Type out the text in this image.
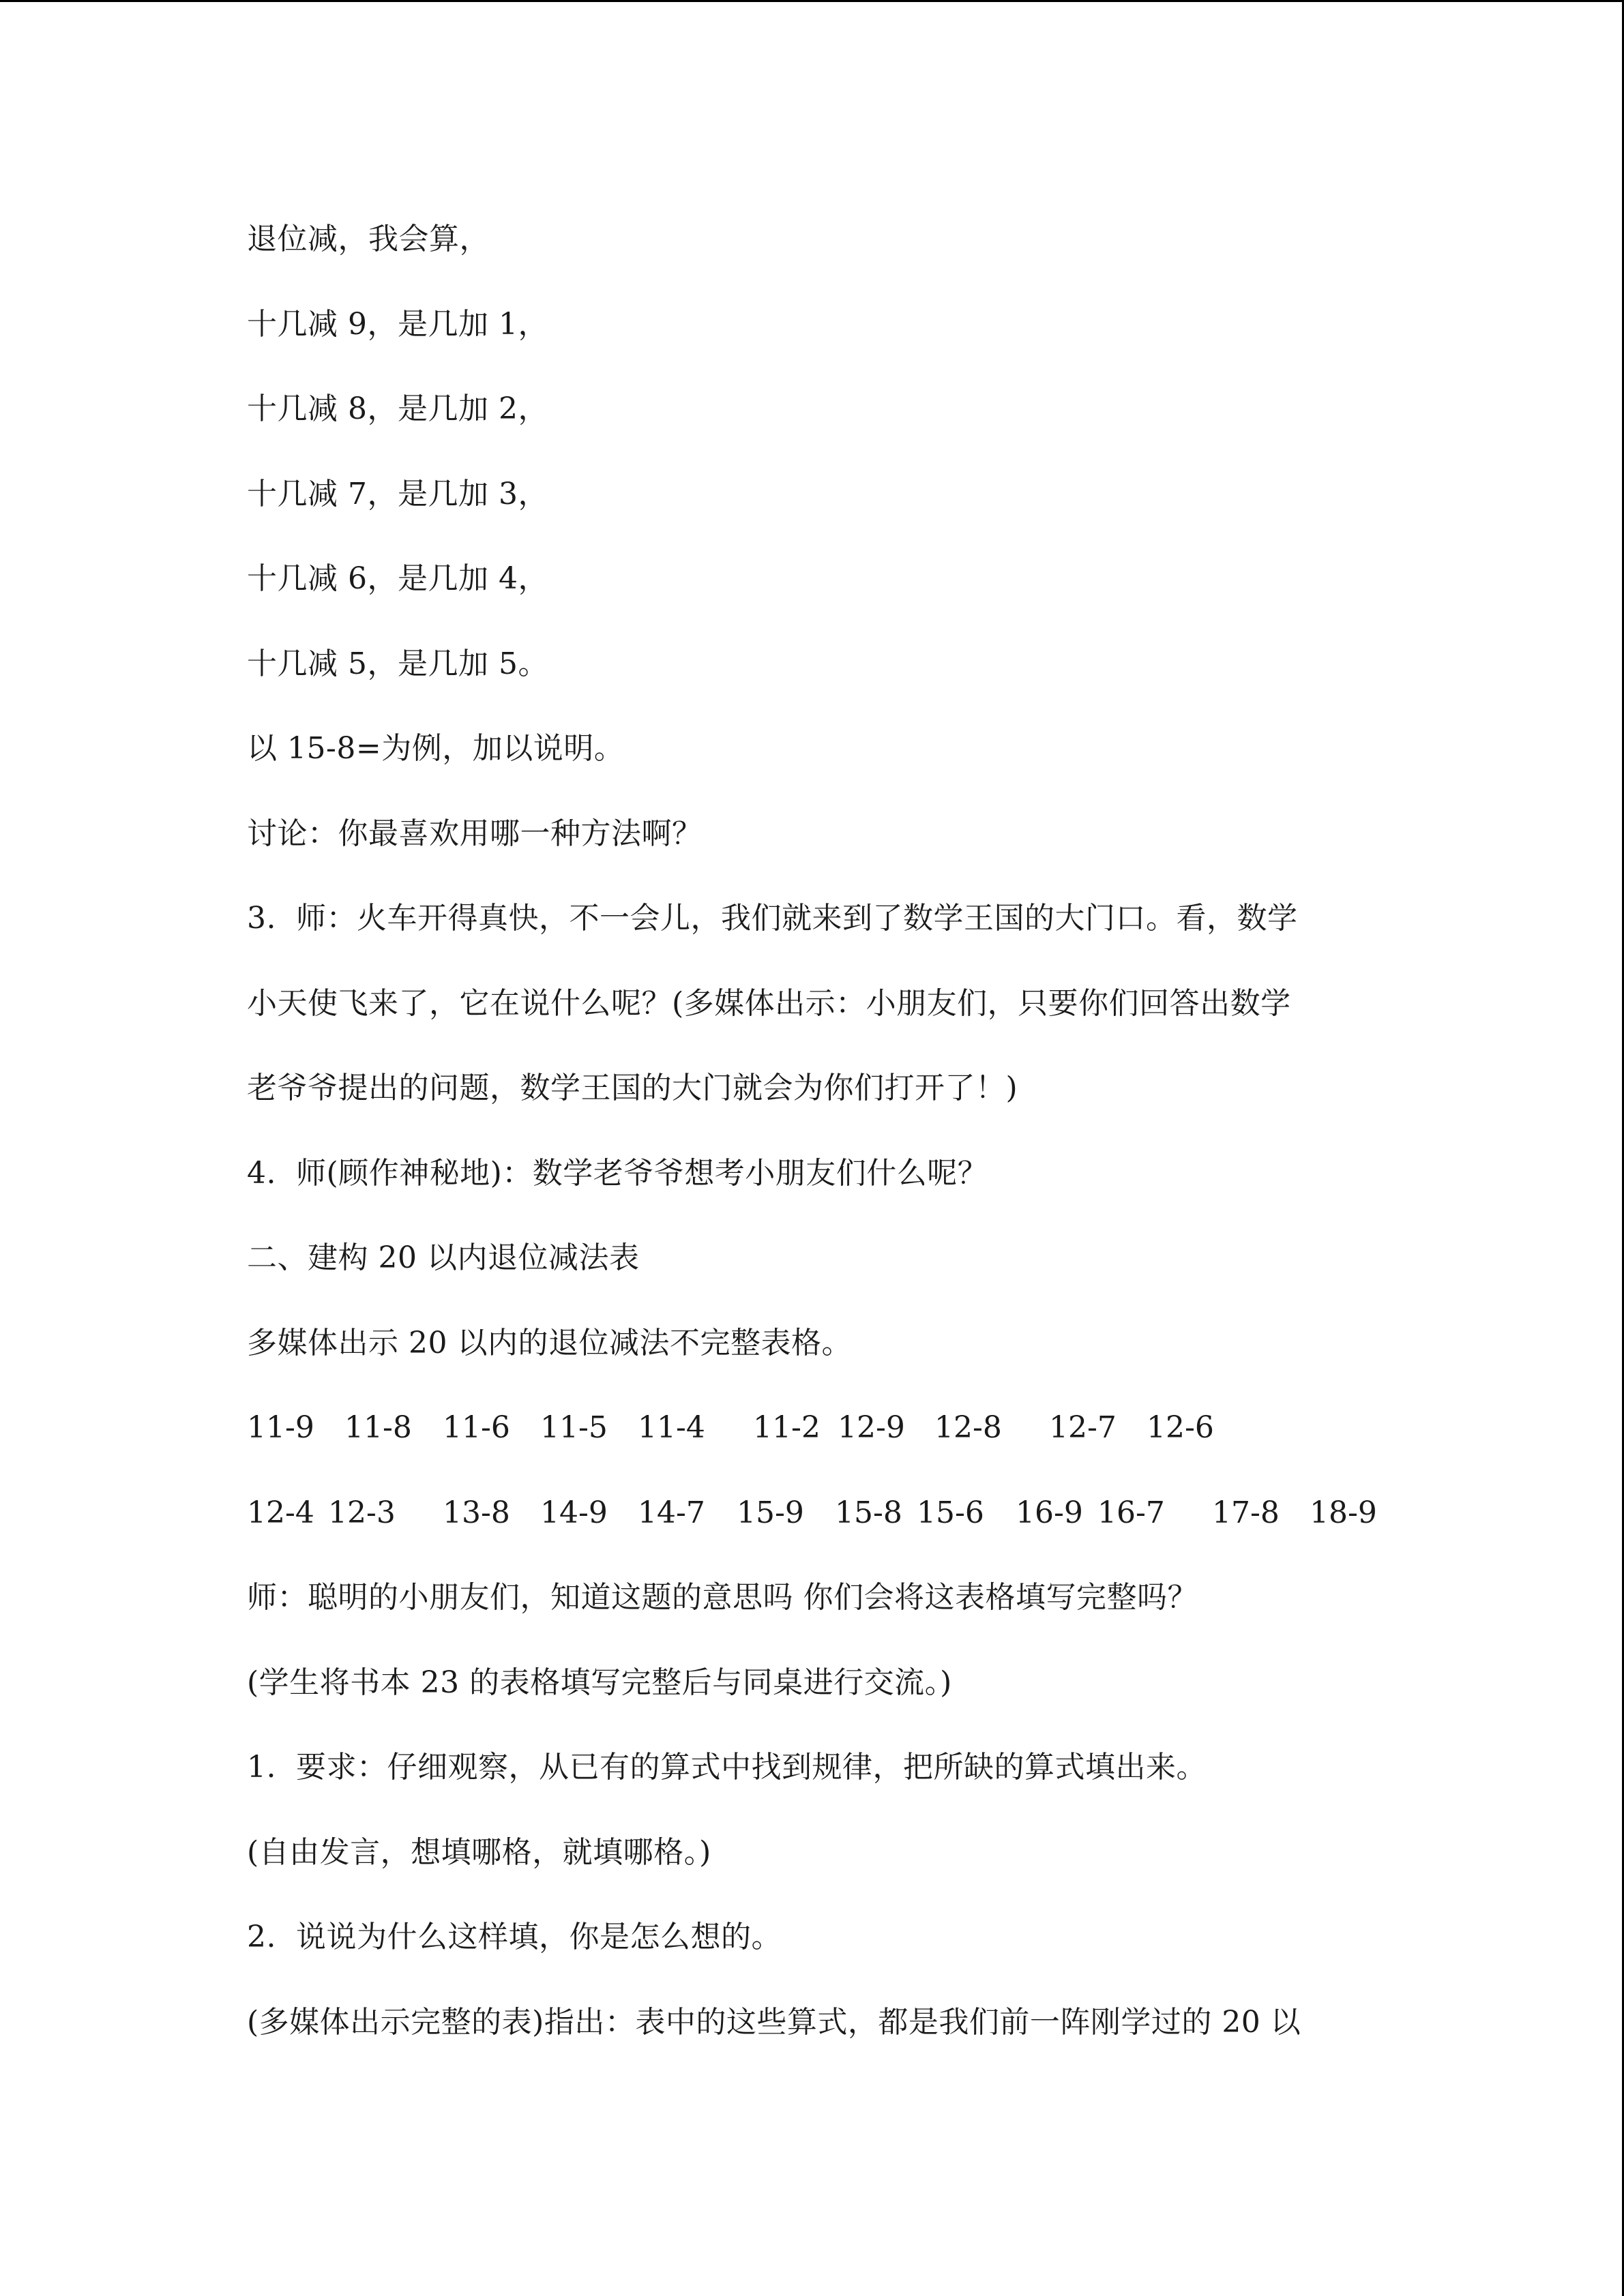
退位减，我会算，
十几减 9，是几加 1，
十几减 8，是几加 2，
十几减 7，是几加 3，
十几减 6，是几加 4，
十几减 5，是几加 5。
以 15-8=为例，加以说明。
讨论：你最喜欢用哪一种方法啊？
3.  师：火车开得真快，不一会儿，我们就来到了数学王国的大门口。看，数学
小天使飞来了，它在说什么呢？(多媒体出示：小朋友们，只要你们回答出数学
老爷爷提出的问题，数学王国的大门就会为你们打开了！)
4.  师(顾作神秘地)：数学老爷爷想考小朋友们什么呢？
二、建构 20 以内退位减法表
多媒体出示 20 以内的退位减法不完整表格。
11-9 11-8 11-6 11-5 11-4 11-2 12-9 12-8 12-7 12-6
12-4 12-3 13-8 14-9 14-7 15-9 15-8 15-6 16-9 16-7 17-8 18-9
师：聪明的小朋友们，知道这题的意思吗 你们会将这表格填写完整吗？
(学生将书本 23 的表格填写完整后与同桌进行交流。)
1.  要求：仔细观察，从已有的算式中找到规律，把所缺的算式填出来。
(自由发言，想填哪格，就填哪格。)
2.  说说为什么这样填，你是怎么想的。
(多媒体出示完整的表)指出：表中的这些算式，都是我们前一阵刚学过的 20 以
